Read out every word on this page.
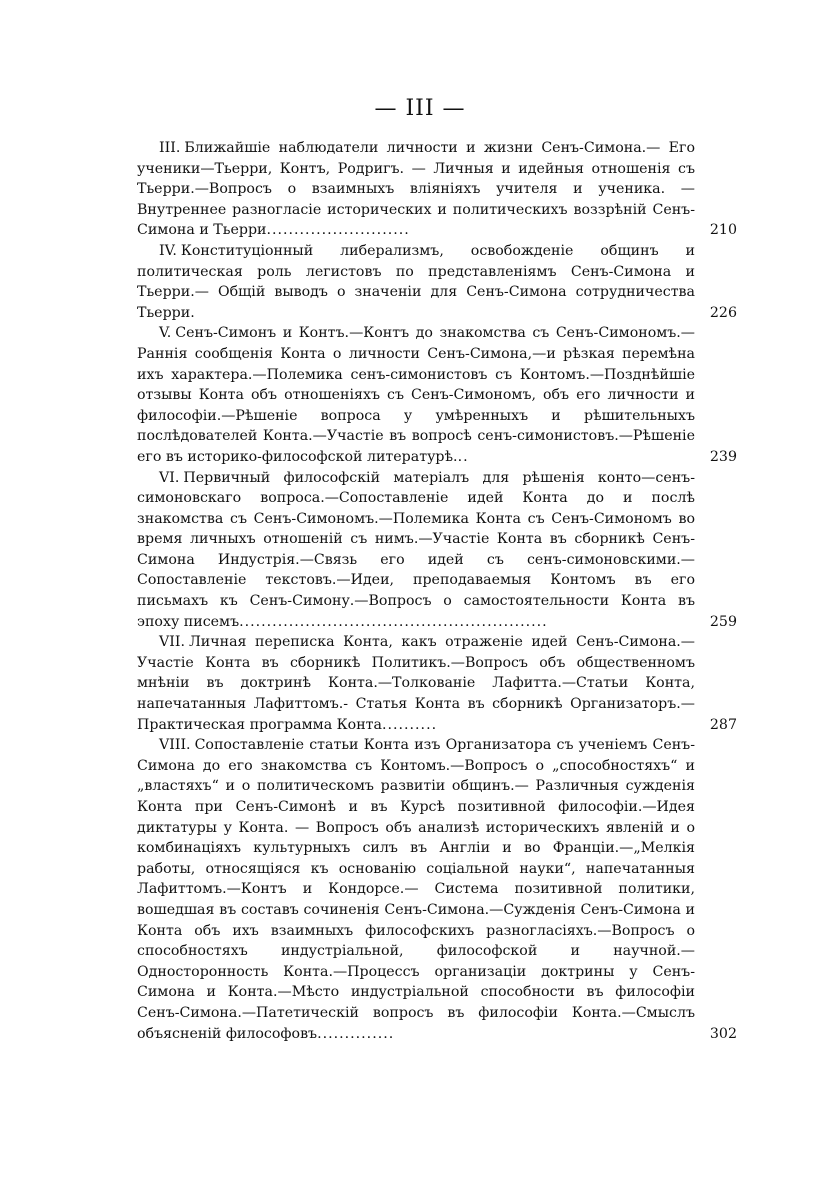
— III —

III. Ближайшіе наблюдатели личности и жизни Сенъ-Симона.— Его ученики—Тьерри, Контъ, Родригъ. — Личныя и идейныя отношенія съ Тьерри.—Вопросъ о взаимныхъ вліяніяхъ учителя и ученика. — Внутреннее разногласіе исторических и политическихъ воззрѣній Сенъ-Симона и Тьерри..........................	210

IV. Конституціонный либерализмъ, освобожденіе общинъ и политическая роль легистовъ по представленіямъ Сенъ-Симона и Тьерри.— Общій выводъ о значеніи для Сенъ-Симона сотрудничества Тьерри.	226

V. Сенъ-Симонъ и Контъ.—Контъ до знакомства съ Сенъ-Симономъ.—Раннія сообщенія Конта о личности Сенъ-Симона,—и рѣзкая перемѣна ихъ характера.—Полемика сенъ-симонистовъ съ Контомъ.—Позднѣйшіе отзывы Конта объ отношеніяхъ съ Сенъ-Симономъ, объ его личности и философіи.—Рѣшеніе вопроса у умѣренныхъ и рѣшительныхъ послѣдователей Конта.—Участіе въ вопросѣ сенъ-симонистовъ.—Рѣшеніе его въ историко-философской литературѣ...	239

VI. Первичный философскій матеріалъ для рѣшенія конто—сенъ-симоновскаго вопроса.—Сопоставленіе идей Конта до и послѣ знакомства съ Сенъ-Симономъ.—Полемика Конта съ Сенъ-Симономъ во время личныхъ отношеній съ нимъ.—Участіе Конта въ сборникѣ Сенъ-Симона Индустрія.—Связь его идей съ сенъ-симоновскими.— Сопоставленіе текстовъ.—Идеи, преподаваемыя Контомъ въ его письмахъ къ Сенъ-Симону.—Вопросъ о самостоятельности Конта въ эпоху писемъ........................................................	259

VII. Личная переписка Конта, какъ отраженіе идей Сенъ-Симона.—Участіе Конта въ сборникѣ Политикъ.—Вопросъ объ общественномъ мнѣніи въ доктринѣ Конта.—Толкованіе Лафитта.—Статьи Конта, напечатанныя Лафиттомъ.- Статья Конта въ сборникѣ Организаторъ.—Практическая программа Конта..........	287

VIII. Сопоставленіе статьи Конта изъ Организатора съ ученіемъ Сенъ-Симона до его знакомства съ Контомъ.—Вопросъ о „способностяхъ“ и „властяхъ“ и о политическомъ развитіи общинъ.— Различныя сужденія Конта при Сенъ-Симонѣ и въ Курсѣ позитивной философіи.—Идея диктатуры у Конта. — Вопросъ объ анализѣ историческихъ явленій и о комбинаціяхъ культурныхъ силъ въ Англіи и во Франціи.—„Мелкія работы, относящіяся къ основанію соціальной науки“, напечатанныя Лафиттомъ.—Контъ и Кондорсе.— Система позитивной политики, вошедшая въ составъ сочиненія Сенъ-Симона.—Сужденія Сенъ-Симона и Конта объ ихъ взаимныхъ философскихъ разногласіяхъ.—Вопросъ о способностяхъ индустріальной, философской и научной.—Односторонность Конта.—Процессъ организаціи доктрины у Сенъ-Симона и Конта.—Мѣсто индустріальной способности въ философіи Сенъ-Симона.—Патетическій вопросъ въ философіи Конта.—Смыслъ объясненій философовъ..............	302
